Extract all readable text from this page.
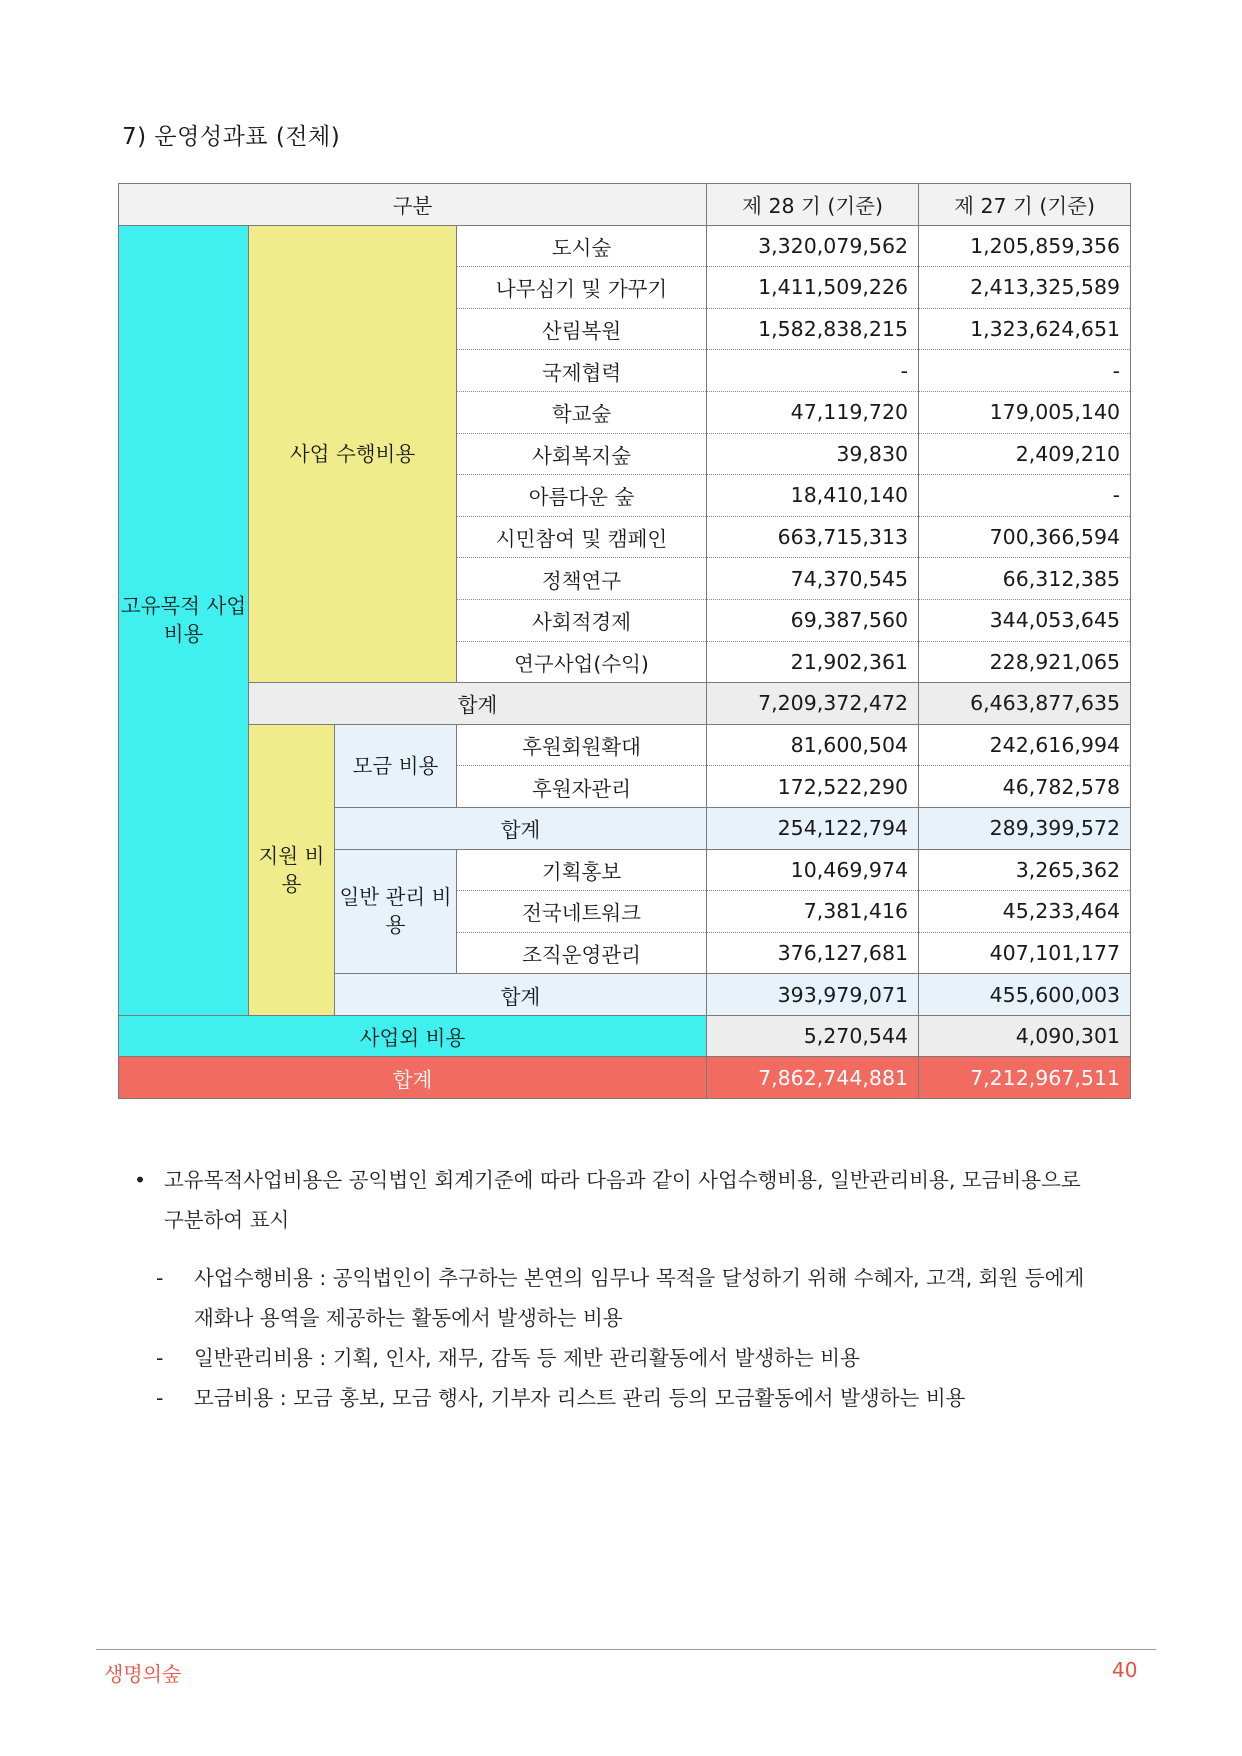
7) 운영성과표 (전체)
구분				제 28 기 (기준)	제 27 기 (기준)
고유목적 사업비용	사업 수행비용		도시숲	3,320,079,562	1,205,859,356
			나무심기 및 가꾸기	1,411,509,226	2,413,325,589
			산림복원	1,582,838,215	1,323,624,651
			국제협력	-	-
			학교숲	47,119,720	179,005,140
			사회복지숲	39,830	2,409,210
			아름다운 숲	18,410,140	-
			시민참여 및 캠페인	663,715,313	700,366,594
			정책연구	74,370,545	66,312,385
			사회적경제	69,387,560	344,053,645
			연구사업(수익)	21,902,361	228,921,065
	합계			7,209,372,472	6,463,877,635
	지원 비용	모금 비용	후원회원확대	81,600,504	242,616,994
			후원자관리	172,522,290	46,782,578
		합계		254,122,794	289,399,572
		일반 관리 비용	기획홍보	10,469,974	3,265,362
			전국네트워크	7,381,416	45,233,464
			조직운영관리	376,127,681	407,101,177
		합계		393,979,071	455,600,003
사업외 비용				5,270,544	4,090,301
합계				7,862,744,881	7,212,967,511
• 고유목적사업비용은 공익법인 회계기준에 따라 다음과 같이 사업수행비용, 일반관리비용, 모금비용으로
구분하여 표시
- 사업수행비용 : 공익법인이 추구하는 본연의 임무나 목적을 달성하기 위해 수혜자, 고객, 회원 등에게
재화나 용역을 제공하는 활동에서 발생하는 비용
- 일반관리비용 : 기획, 인사, 재무, 감독 등 제반 관리활동에서 발생하는 비용
- 모금비용 : 모금 홍보, 모금 행사, 기부자 리스트 관리 등의 모금활동에서 발생하는 비용
생명의숲	40
